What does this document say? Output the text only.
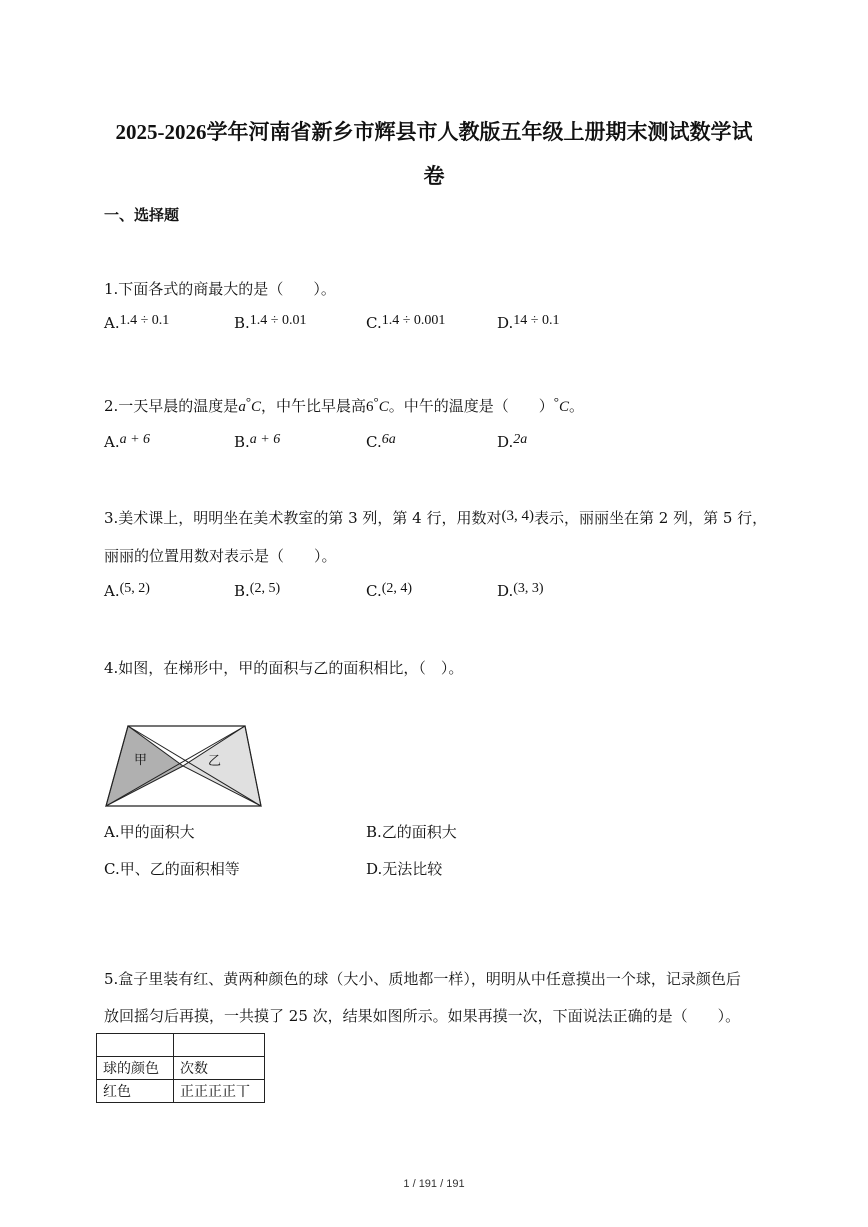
2025-2026学年河南省新乡市辉县市人教版五年级上册期末测试数学试
卷
一、选择题
1.下面各式的商最大的是（　　）。
A.1.4 ÷ 0.1	B.1.4 ÷ 0.01	C.1.4 ÷ 0.001	D.14 ÷ 0.1
2.一天早晨的温度是a°C，中午比早晨高6°C。中午的温度是（　　）°C。
A.a + 6	B.a + 6	C.6a	D.2a
3.美术课上，明明坐在美术教室的第 3 列，第 4 行，用数对(3, 4)表示，丽丽坐在第 2 列，第 5 行，
丽丽的位置用数对表示是（　　）。
A.(5, 2)	B.(2, 5)	C.(2, 4)	D.(3, 3)
4.如图，在梯形中，甲的面积与乙的面积相比，（　）。
甲	乙
A.甲的面积大	B.乙的面积大
C.甲、乙的面积相等	D.无法比较
5.盒子里装有红、黄两种颜色的球（大小、质地都一样），明明从中任意摸出一个球，记录颜色后
放回摇匀后再摸，一共摸了 25 次，结果如图所示。如果再摸一次，下面说法正确的是（　　）。

球的颜色	次数
红色	正正正正丅
1 / 191 / 191
